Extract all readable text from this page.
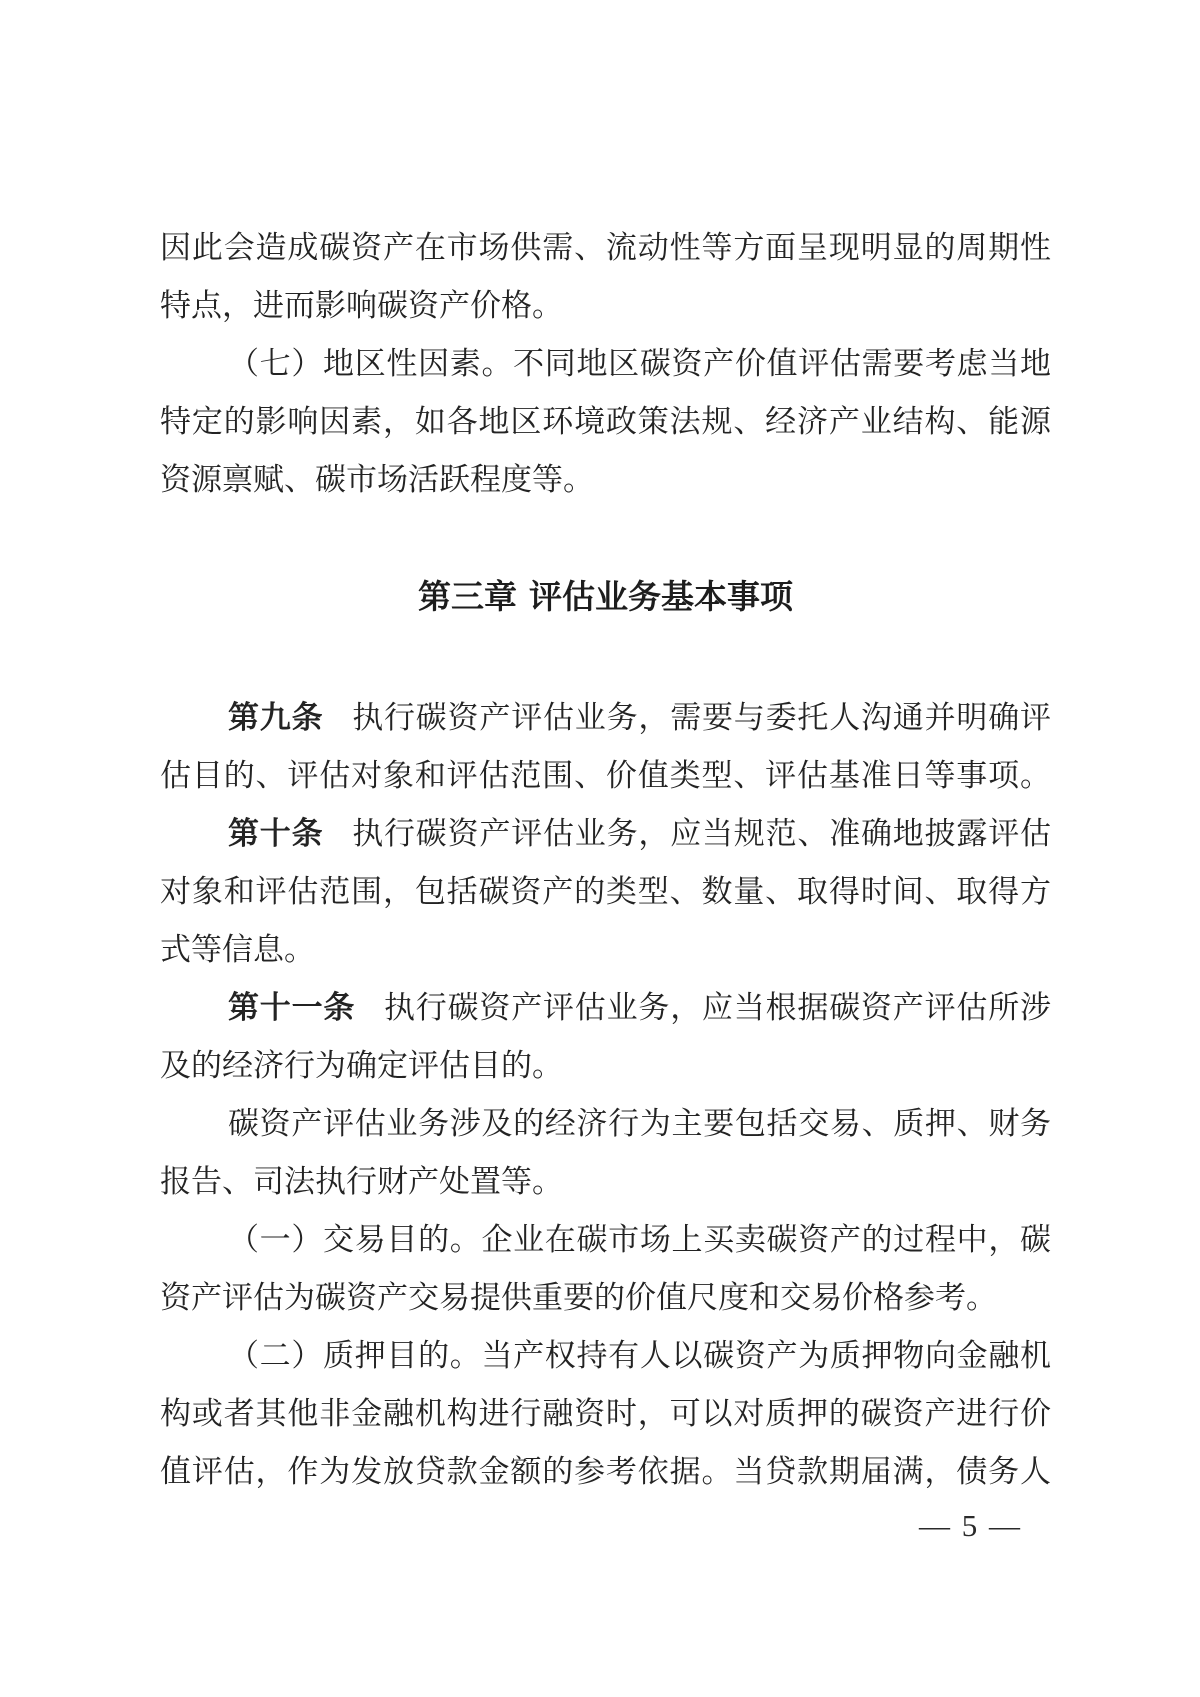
因此会造成碳资产在市场供需、流动性等方面呈现明显的周期性
特点，进而影响碳资产价格。
（七）地区性因素。不同地区碳资产价值评估需要考虑当地
特定的影响因素，如各地区环境政策法规、经济产业结构、能源
资源禀赋、碳市场活跃程度等。
第三章 评估业务基本事项
第九条 执行碳资产评估业务，需要与委托人沟通并明确评
估目的、评估对象和评估范围、价值类型、评估基准日等事项。
第十条 执行碳资产评估业务，应当规范、准确地披露评估
对象和评估范围，包括碳资产的类型、数量、取得时间、取得方
式等信息。
第十一条 执行碳资产评估业务，应当根据碳资产评估所涉
及的经济行为确定评估目的。
碳资产评估业务涉及的经济行为主要包括交易、质押、财务
报告、司法执行财产处置等。
（一）交易目的。企业在碳市场上买卖碳资产的过程中，碳
资产评估为碳资产交易提供重要的价值尺度和交易价格参考。
（二）质押目的。当产权持有人以碳资产为质押物向金融机
构或者其他非金融机构进行融资时，可以对质押的碳资产进行价
值评估，作为发放贷款金额的参考依据。当贷款期届满，债务人
— 5 —
